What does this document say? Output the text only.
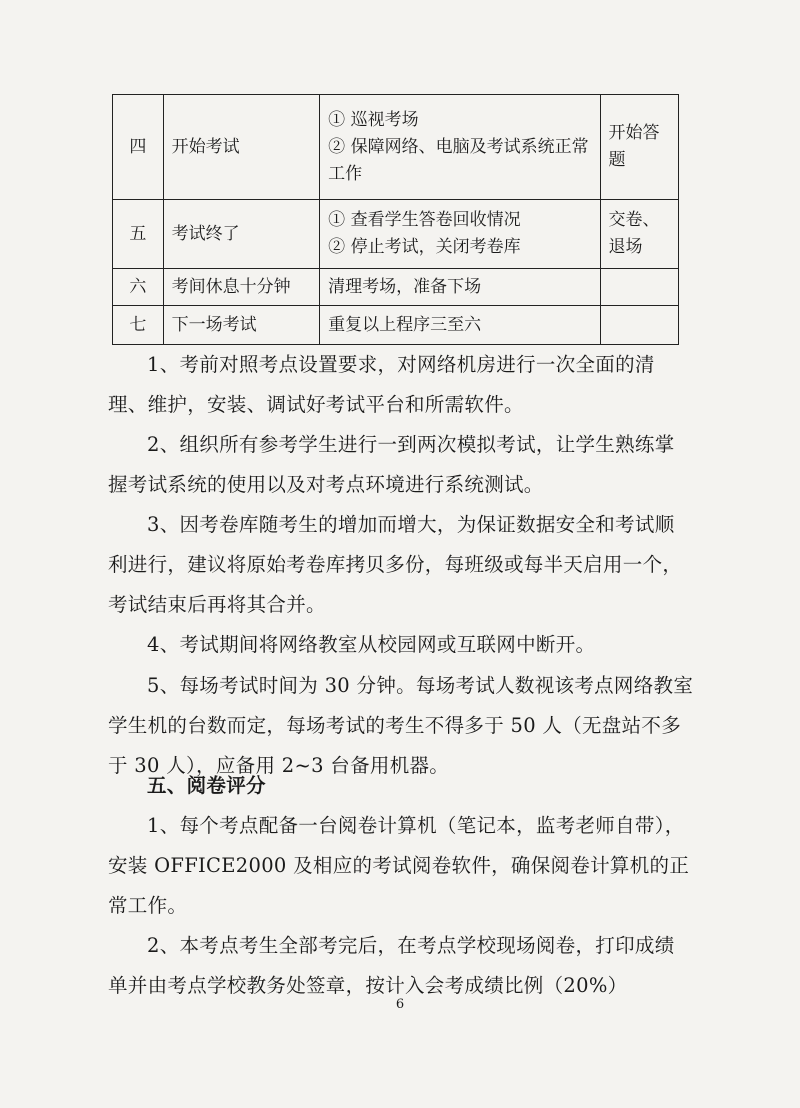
四	开始考试	① 巡视考场
② 保障网络、电脑及考试系统正常工作	开始答题
五	考试终了	① 查看学生答卷回收情况
② 停止考试，关闭考卷库	交卷、退场
六	考间休息十分钟	清理考场，准备下场	

七	下一场考试	重复以上程序三至六	

1、考前对照考点设置要求，对网络机房进行一次全面的清理、维护，安装、调试好考试平台和所需软件。
2、组织所有参考学生进行一到两次模拟考试，让学生熟练掌握考试系统的使用以及对考点环境进行系统测试。
3、因考卷库随考生的增加而增大，为保证数据安全和考试顺利进行，建议将原始考卷库拷贝多份，每班级或每半天启用一个，考试结束后再将其合并。
4、考试期间将网络教室从校园网或互联网中断开。
5、每场考试时间为 30 分钟。每场考试人数视该考点网络教室学生机的台数而定，每场考试的考生不得多于 50 人（无盘站不多于 30 人），应备用 2~3 台备用机器。
五、阅卷评分
1、每个考点配备一台阅卷计算机（笔记本，监考老师自带），安装 OFFICE2000 及相应的考试阅卷软件，确保阅卷计算机的正常工作。
2、本考点考生全部考完后，在考点学校现场阅卷，打印成绩单并由考点学校教务处签章，按计入会考成绩比例（20%）
6
